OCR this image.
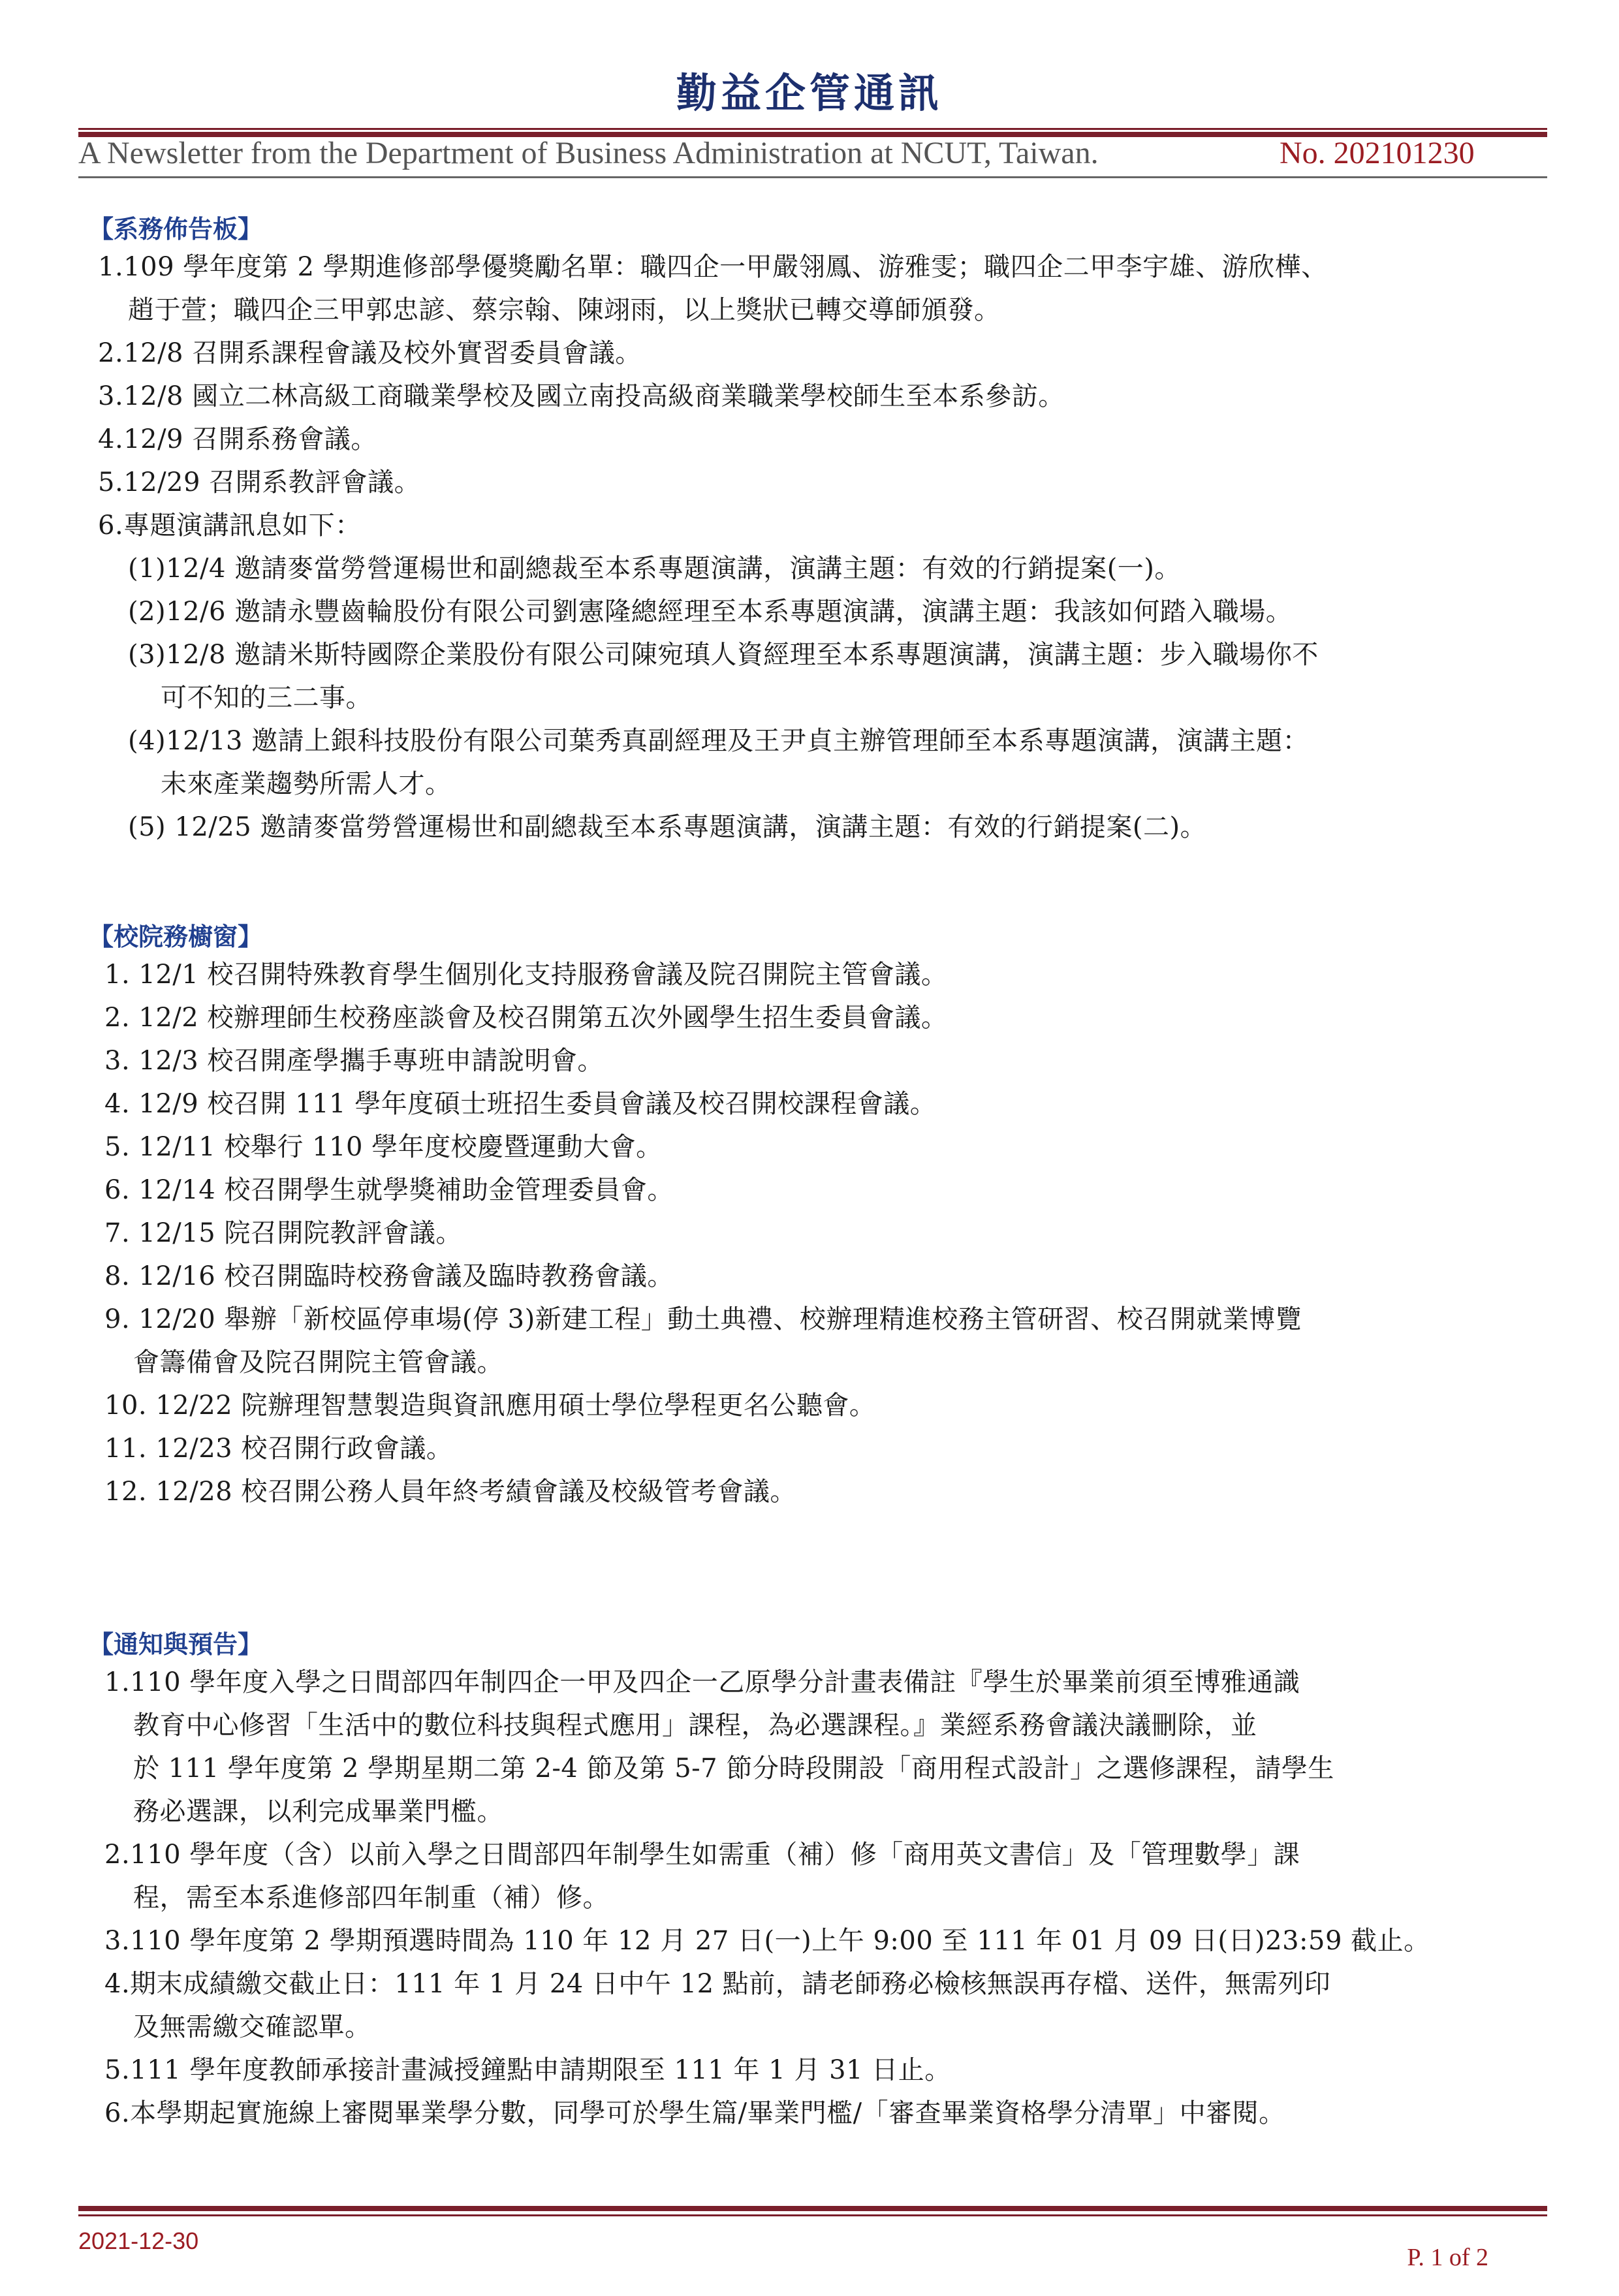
勤益企管通訊
A Newsletter from the Department of Business Administration at NCUT, Taiwan.	No. 202101230
【系務佈告板】
1.109 學年度第 2 學期進修部學優獎勵名單：職四企一甲嚴翎鳳、游雅雯；職四企二甲李宇雄、游欣樺、
趙于萱；職四企三甲郭忠諺、蔡宗翰、陳翊雨，以上獎狀已轉交導師頒發。
2.12/8 召開系課程會議及校外實習委員會議。
3.12/8 國立二林高級工商職業學校及國立南投高級商業職業學校師生至本系參訪。
4.12/9 召開系務會議。
5.12/29 召開系教評會議。
6.專題演講訊息如下：
(1)12/4 邀請麥當勞營運楊世和副總裁至本系專題演講，演講主題：有效的行銷提案(一)。
(2)12/6 邀請永豐齒輪股份有限公司劉憲隆總經理至本系專題演講，演講主題：我該如何踏入職場。
(3)12/8 邀請米斯特國際企業股份有限公司陳宛瑱人資經理至本系專題演講，演講主題：步入職場你不
可不知的三二事。
(4)12/13 邀請上銀科技股份有限公司葉秀真副經理及王尹貞主辦管理師至本系專題演講，演講主題：
未來產業趨勢所需人才。
(5) 12/25 邀請麥當勞營運楊世和副總裁至本系專題演講，演講主題：有效的行銷提案(二)。
【校院務櫥窗】
1. 12/1 校召開特殊教育學生個別化支持服務會議及院召開院主管會議。
2. 12/2 校辦理師生校務座談會及校召開第五次外國學生招生委員會議。
3. 12/3 校召開產學攜手專班申請說明會。
4. 12/9 校召開 111 學年度碩士班招生委員會議及校召開校課程會議。
5. 12/11 校舉行 110 學年度校慶暨運動大會。
6. 12/14 校召開學生就學獎補助金管理委員會。
7. 12/15 院召開院教評會議。
8. 12/16 校召開臨時校務會議及臨時教務會議。
9. 12/20 舉辦「新校區停車場(停 3)新建工程」動土典禮、校辦理精進校務主管研習、校召開就業博覽
會籌備會及院召開院主管會議。
10. 12/22 院辦理智慧製造與資訊應用碩士學位學程更名公聽會。
11. 12/23 校召開行政會議。
12. 12/28 校召開公務人員年終考績會議及校級管考會議。
【通知與預告】
1.110 學年度入學之日間部四年制四企一甲及四企一乙原學分計畫表備註『學生於畢業前須至博雅通識
教育中心修習「生活中的數位科技與程式應用」課程，為必選課程。』業經系務會議決議刪除，並
於 111 學年度第 2 學期星期二第 2-4 節及第 5-7 節分時段開設「商用程式設計」之選修課程，請學生
務必選課，以利完成畢業門檻。
2.110 學年度（含）以前入學之日間部四年制學生如需重（補）修「商用英文書信」及「管理數學」課
程，需至本系進修部四年制重（補）修。
3.110 學年度第 2 學期預選時間為 110 年 12 月 27 日(一)上午 9:00 至 111 年 01 月 09 日(日)23:59 截止。
4.期末成績繳交截止日：111 年 1 月 24 日中午 12 點前，請老師務必檢核無誤再存檔、送件，無需列印
及無需繳交確認單。
5.111 學年度教師承接計畫減授鐘點申請期限至 111 年 1 月 31 日止。
6.本學期起實施線上審閱畢業學分數，同學可於學生篇/畢業門檻/「審查畢業資格學分清單」中審閱。
2021-12-30
P. 1 of 2
